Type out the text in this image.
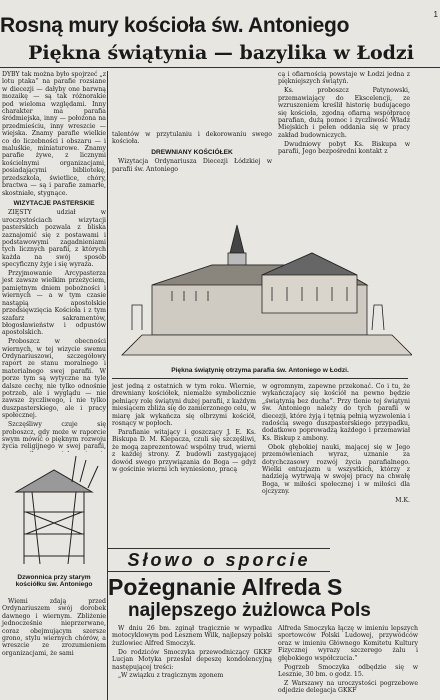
Rosną mury kościoła św. Antoniego	1
Piękna świątynia — bazylika w Łodzi

DYBY tak można było spojrzeć „z lotu ptaka” na parafie rozsiane w diecezji — dałyby one barwną mozaikę — są tak różnorakie pod wieloma względami. Inny charakter ma parafia śródmiejska, inny — położona na przedmieściu, inny wreszcie — wiejska. Znamy parafie wielkie co do liczebności i obszaru — i maluśkie, miniaturowe. Znamy parafie żywe, z licznymi kościelnymi organizacjami, posiadającymi bibliotekę, przedszkola, świetlice, chóry, bractwa — są i parafie zamarłe, skostniałe, stygnące.

WIZYTACJE PASTERSKIE

ZIĘSTY udział w uroczystościach wizytacji pasterskich pozwala z bliska zaznajomić się z postawami i podstawowymi zagadnieniami tych licznych parafii, z których każda na swój sposób specyficzny żyje i się wyraża.

Przyjmowanie Arcypasterza jest zawsze wielkim przeżyciem, pamiętnym dniem pobożności i wiernych — a w tym czasie nastąpią apostolskie przedsięwzięcia Kościoła i z tym szafarz sakramentów, błogosławieństw i odpustów apostolskich.

Proboszcz w obecności wiernych, w tej wizycie swemu Ordynariuszowi, szczegółowy raport ze stanu moralnego i materialnego swej parafii. W porze tym są wytyczne na tyle dalsze cechy, nie tylko odnośnie potrzeb, ale i wyglądu — nie zawsze życzliwego, i nie tylko duszpasterskiego, ale i pracy społecznej.

Szczęśliwy czuje się proboszcz, gdy może w raporcie swym mówić o pięknym rozwoju życia religijnego w swej parafii,

talentów w przytulaniu i dekorowaniu swego kościoła.

DREWNIANY KOŚCIÓŁEK

Wizytacja Ordynariusza Diecezji Łódzkiej w parafii św. Antoniego

cą i ofiarnością powstaje w Łodzi jedna z piękniejszych świątyń.

Ks. proboszcz Patynowski, przemawiający do Ekscelencji, ze wzruszeniem kreślił historię budującego się kościoła, zgodną ofiarną współpracę parafian, dużą pomoc i życzliwość Władz Miejskich i pełen oddania się w pracy zakład budowniczych.

Dwudniowy pobyt Ks. Biskupa w parafii, Jego bezpośredni kontakt z

Piękna świątynię otrzyma parafia św. Antoniego w Łodzi.

jest jedną z ostatnich w tym roku. Wiernie, drewniany kościółek, niemalże symbolicznie pełniący rolę świątyni dużej parafii, z każdym miesiącem zbliża się do zamierzonego celu, w miarę jak wykańcza się olbrzymi kościół, rosnący w popłoch.

Parafianie witający i goszczący J. E. Ks. Biskupa D. M. Klepacza, czuli się szczęśliwi, że mogą zaprezentować wspólny trud, wierni z każdej strony. Z budowli zastygającej dowód swego przywiązania do Boga — gdyż w gościnie wierni ich wyniesiono, pracą

w ogromnym, zapewne przekonać. Co i tu, że wykańczający się kościół na pewno będzie „świątynią bez ducha”. Przy tlenie tej świątyni św. Antoniego należy do tych parafii w diecezji, które żyją i tętnią pełnią wyzwolenia i radością swego duszpasterskiego przypadku, dodatkowo poprowadzą każdego i przemawiał Ks. Biskup z ambony.

Obok głębokiej nauki, mającej się w Jego przemówieniach wyraz, uznanie za dotychczasowy rozwój życia parafialnego. Wielki entuzjazm u wszystkich, którzy z nadzieją wytrwają w swojej pracy na chwałę Boga, w miłości społecznej i w miłości dla ojczyzny.

M.K.

Dzwonnica przy starym kościółku św. Antoniego

Wiemi zdają przed Ordynariuszem swój dorobek dawnego i wiernym. Zbliżenie jednocześnie nieprzerwane, coraz obejmującym szersze grono, stylu wiernych chórów, a wreszcie ze zrozumieniem organizacjami, że sami

Słowo o sporcie
Pożegnanie Alfreda S
najlepszego żużlowca Pols

W dniu 26 bm. zginął tragicznie w wypadku motocyklowym pod Lesznem Wilk, najlepszy polski żużlowiec Alfred Smoczyk.

Do rodziców Smoczyka przewodniczący GKKF Lucjan Motyka przesłał depeszę kondolencyjną następującej treści:

„W związku z tragicznym zgonem

Alfreda Smoczyka łączę w imieniu lepszych sportowców Polski Ludowej, przywódców oraz w imieniu Głównego Komitetu Kultury Fizycznej wyrazy szczerego żalu i głębokiego współczucia.”

Pogrzeb Smoczyka odbędzie się w Lesznie, 30 bm. o godz. 15.

Z Warszawy na uroczystości pogrzebowe odjedzie delegacja GKKF
